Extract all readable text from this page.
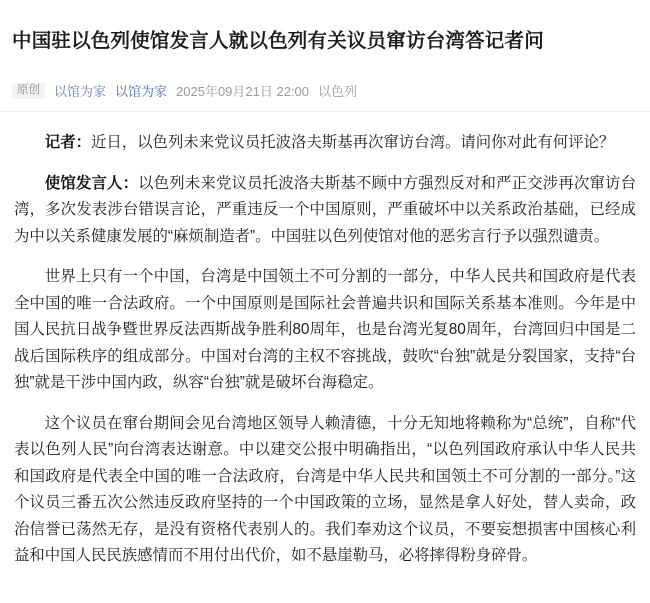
中国驻以色列使馆发言人就以色列有关议员窜访台湾答记者问
原创	以馆为家 以馆为家 2025年09月21日 22:00 以色列

记者：近日，以色列未来党议员托波洛夫斯基再次窜访台湾。请问你对此有何评论？

使馆发言人：以色列未来党议员托波洛夫斯基不顾中方强烈反对和严正交涉再次窜访台湾，多次发表涉台错误言论，严重违反一个中国原则，严重破坏中以关系政治基础，已经成为中以关系健康发展的“麻烦制造者”。中国驻以色列使馆对他的恶劣言行予以强烈谴责。

世界上只有一个中国，台湾是中国领土不可分割的一部分，中华人民共和国政府是代表全中国的唯一合法政府。一个中国原则是国际社会普遍共识和国际关系基本准则。今年是中国人民抗日战争暨世界反法西斯战争胜利80周年，也是台湾光复80周年，台湾回归中国是二战后国际秩序的组成部分。中国对台湾的主权不容挑战，鼓吹“台独”就是分裂国家，支持“台独”就是干涉中国内政，纵容“台独”就是破坏台海稳定。

这个议员在窜台期间会见台湾地区领导人赖清德，十分无知地将赖称为“总统”，自称“代表以色列人民”向台湾表达谢意。中以建交公报中明确指出，“以色列国政府承认中华人民共和国政府是代表全中国的唯一合法政府，台湾是中华人民共和国领土不可分割的一部分。”这个议员三番五次公然违反政府坚持的一个中国政策的立场，显然是拿人好处，替人卖命，政治信誉已荡然无存，是没有资格代表别人的。我们奉劝这个议员，不要妄想损害中国核心利益和中国人民民族感情而不用付出代价，如不悬崖勒马，必将摔得粉身碎骨。
